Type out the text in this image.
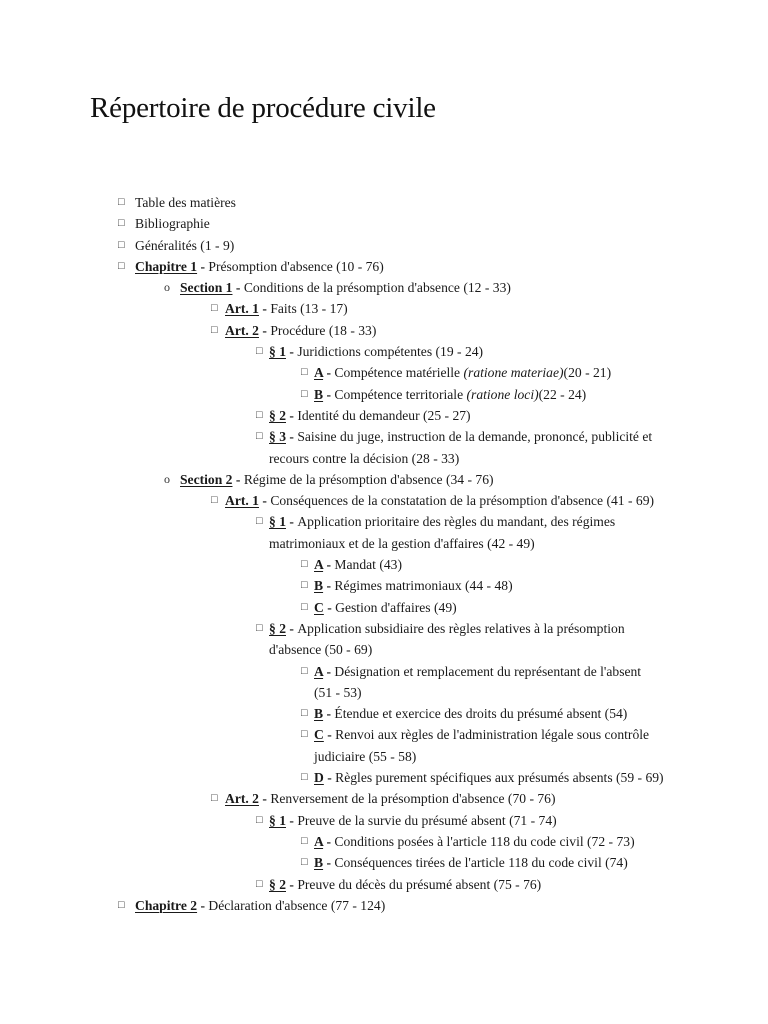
Répertoire de procédure civile
□ Table des matières
□ Bibliographie
□ Généralités (1 - 9)
□ Chapitre 1 - Présomption d'absence (10 - 76)
o Section 1 - Conditions de la présomption d'absence (12 - 33)
□ Art. 1 - Faits (13 - 17)
□ Art. 2 - Procédure (18 - 33)
□ § 1 - Juridictions compétentes (19 - 24)
□ A - Compétence matérielle (ratione materiae)(20 - 21)
□ B - Compétence territoriale (ratione loci)(22 - 24)
□ § 2 - Identité du demandeur (25 - 27)
□ § 3 - Saisine du juge, instruction de la demande, prononcé, publicité et recours contre la décision (28 - 33)
o Section 2 - Régime de la présomption d'absence (34 - 76)
□ Art. 1 - Conséquences de la constatation de la présomption d'absence (41 - 69)
□ § 1 - Application prioritaire des règles du mandant, des régimes matrimoniaux et de la gestion d'affaires (42 - 49)
□ A - Mandat (43)
□ B - Régimes matrimoniaux (44 - 48)
□ C - Gestion d'affaires (49)
□ § 2 - Application subsidiaire des règles relatives à la présomption d'absence (50 - 69)
□ A - Désignation et remplacement du représentant de l'absent (51 - 53)
□ B - Étendue et exercice des droits du présumé absent (54)
□ C - Renvoi aux règles de l'administration légale sous contrôle judiciaire (55 - 58)
□ D - Règles purement spécifiques aux présumés absents (59 - 69)
□ Art. 2 - Renversement de la présomption d'absence (70 - 76)
□ § 1 - Preuve de la survie du présumé absent (71 - 74)
□ A - Conditions posées à l'article 118 du code civil (72 - 73)
□ B - Conséquences tirées de l'article 118 du code civil (74)
□ § 2 - Preuve du décès du présumé absent (75 - 76)
□ Chapitre 2 - Déclaration d'absence (77 - 124)
